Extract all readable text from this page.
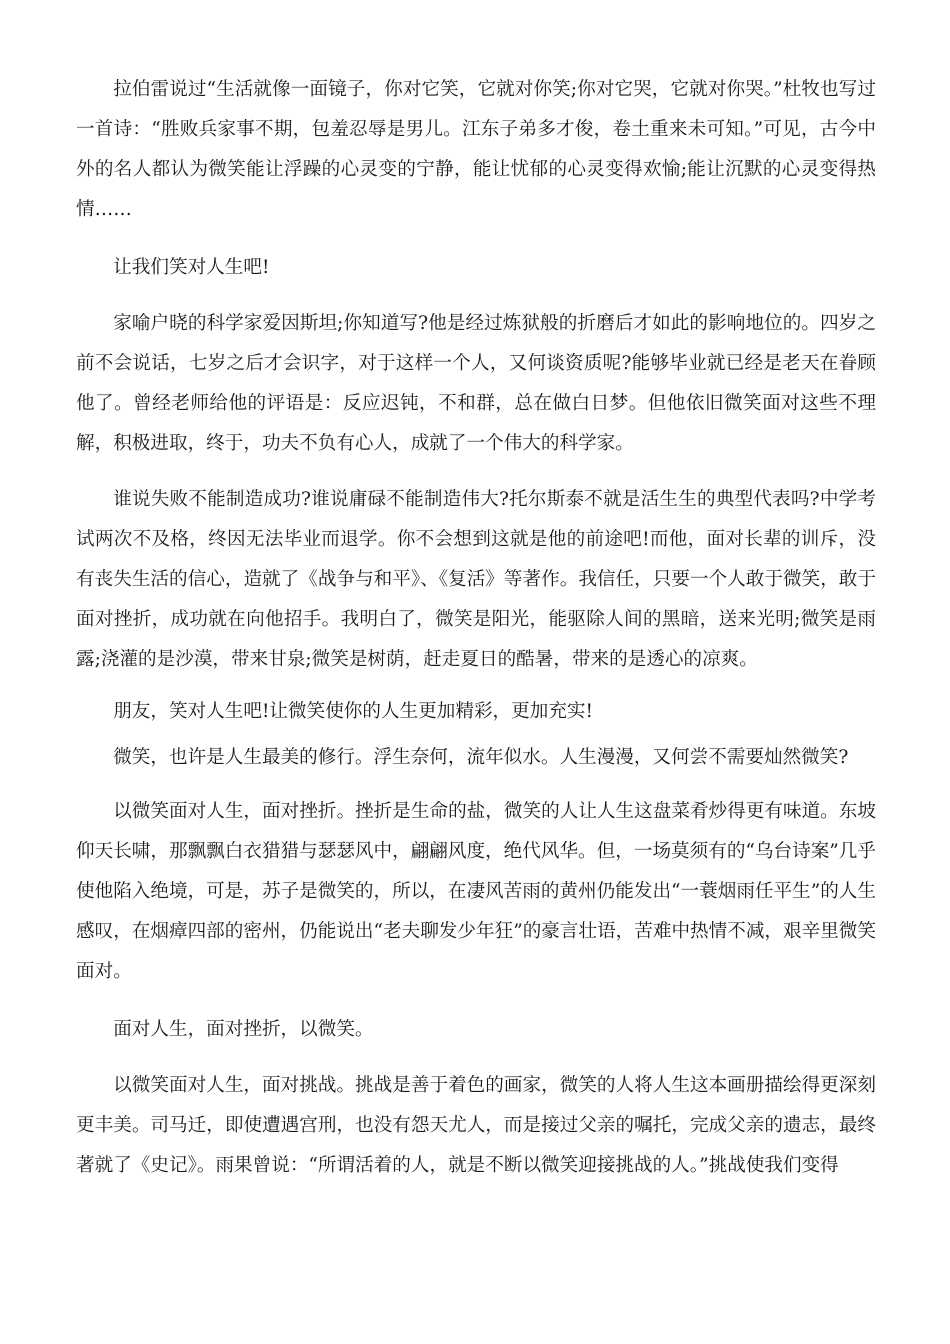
拉伯雷说过“生活就像一面镜子，你对它笑，它就对你笑;你对它哭，它就对你哭。”杜牧也写过一首诗：“胜败兵家事不期，包羞忍辱是男儿。江东子弟多才俊，卷土重来未可知。”可见，古今中外的名人都认为微笑能让浮躁的心灵变的宁静，能让忧郁的心灵变得欢愉;能让沉默的心灵变得热情……

让我们笑对人生吧!

家喻户晓的科学家爱因斯坦;你知道写?他是经过炼狱般的折磨后才如此的影响地位的。四岁之前不会说话，七岁之后才会识字，对于这样一个人，又何谈资质呢?能够毕业就已经是老天在眷顾他了。曾经老师给他的评语是：反应迟钝，不和群，总在做白日梦。但他依旧微笑面对这些不理解，积极进取，终于，功夫不负有心人，成就了一个伟大的科学家。

谁说失败不能制造成功?谁说庸碌不能制造伟大?托尔斯泰不就是活生生的典型代表吗?中学考试两次不及格，终因无法毕业而退学。你不会想到这就是他的前途吧!而他，面对长辈的训斥，没有丧失生活的信心，造就了《战争与和平》、《复活》等著作。我信任，只要一个人敢于微笑，敢于面对挫折，成功就在向他招手。我明白了，微笑是阳光，能驱除人间的黑暗，送来光明;微笑是雨露;浇灌的是沙漠，带来甘泉;微笑是树荫，赶走夏日的酷暑，带来的是透心的凉爽。

朋友，笑对人生吧!让微笑使你的人生更加精彩，更加充实!

微笑，也许是人生最美的修行。浮生奈何，流年似水。人生漫漫，又何尝不需要灿然微笑?

以微笑面对人生，面对挫折。挫折是生命的盐，微笑的人让人生这盘菜肴炒得更有味道。东坡仰天长啸，那飘飘白衣猎猎与瑟瑟风中，翩翩风度，绝代风华。但，一场莫须有的“乌台诗案”几乎使他陷入绝境，可是，苏子是微笑的，所以，在凄风苦雨的黄州仍能发出“一蓑烟雨任平生”的人生感叹，在烟瘴四部的密州，仍能说出“老夫聊发少年狂”的豪言壮语，苦难中热情不减，艰辛里微笑面对。

面对人生，面对挫折，以微笑。

以微笑面对人生，面对挑战。挑战是善于着色的画家，微笑的人将人生这本画册描绘得更深刻更丰美。司马迁，即使遭遇宫刑，也没有怨天尤人，而是接过父亲的嘱托，完成父亲的遗志，最终著就了《史记》。雨果曾说：“所谓活着的人，就是不断以微笑迎接挑战的人。”挑战使我们变得
